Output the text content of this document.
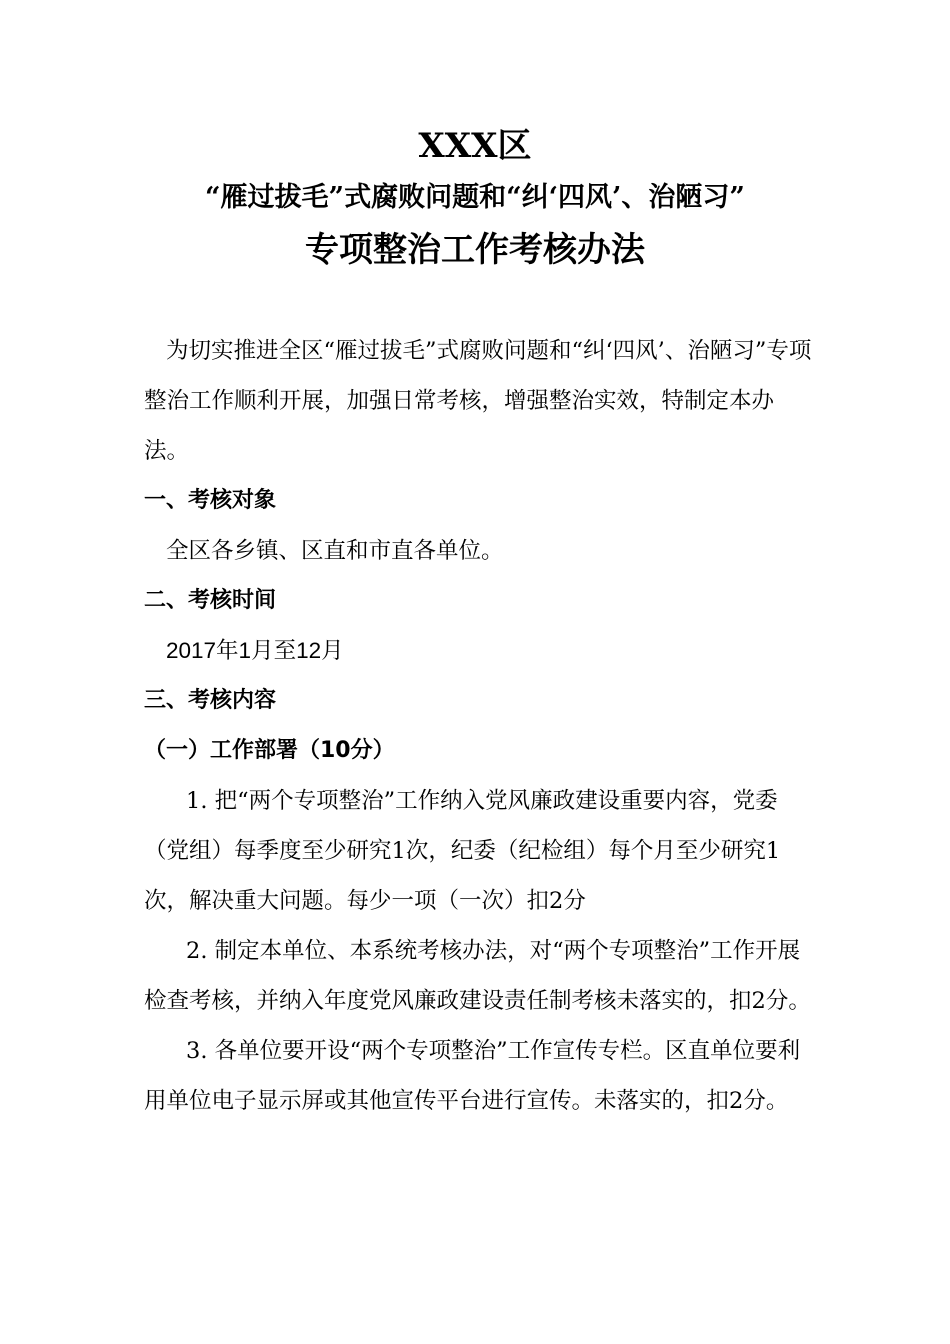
XXX区
“雁过拔毛”式腐败问题和“纠‘四风’、治陋习”
专项整治工作考核办法

为切实推进全区“雁过拔毛”式腐败问题和“纠‘四风’、治陋习”专项整治工作顺利开展，加强日常考核，增强整治实效，特制定本办法。

一、考核对象

全区各乡镇、区直和市直各单位。

二、考核时间

2017年1月至12月

三、考核内容

（一）工作部署（10分）

1. 把“两个专项整治”工作纳入党风廉政建设重要内容，党委（党组）每季度至少研究1次，纪委（纪检组）每个月至少研究1次，解决重大问题。每少一项（一次）扣2分

2. 制定本单位、本系统考核办法，对“两个专项整治”工作开展检查考核，并纳入年度党风廉政建设责任制考核未落实的，扣2分。

3. 各单位要开设“两个专项整治”工作宣传专栏。区直单位要利用单位电子显示屏或其他宣传平台进行宣传。未落实的，扣2分。
